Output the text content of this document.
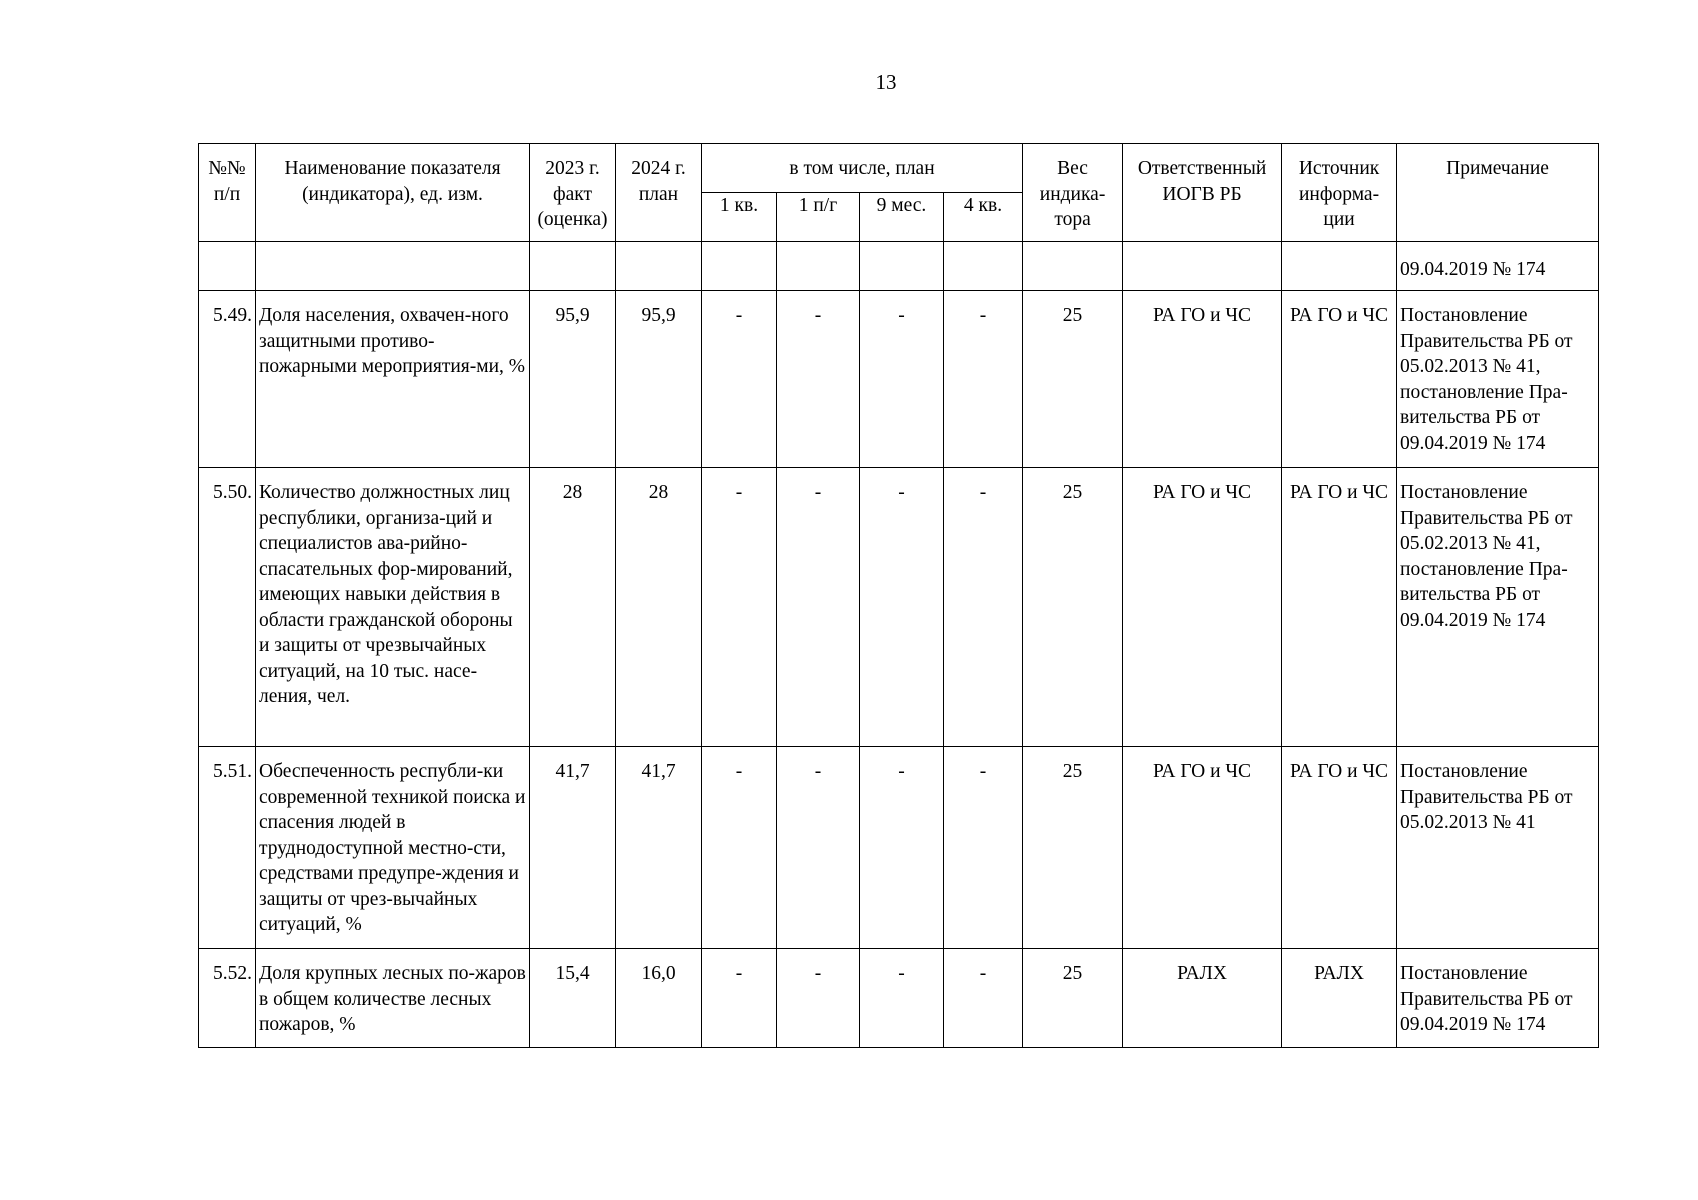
13
№№ п/п	Наименование показателя (индикатора), ед. изм.	2023 г. факт (оценка)	2024 г. план	в том числе, план				Вес индика-тора	Ответственный ИОГВ РБ	Источник информа-ции	Примечание
				1 кв.	1 п/г	9 мес.	4 кв.				
											09.04.2019 № 174
5.49.	Доля населения, охвачен-ного защитными противо-пожарными мероприятия-ми, %	95,9	95,9	-	-	-	-	25	РА ГО и ЧС	РА ГО и ЧС	Постановление Правительства РБ от 05.02.2013 № 41, постановление Пра-вительства РБ от 09.04.2019 № 174
5.50.	Количество должностных лиц республики, организа-ций и специалистов ава-рийно-спасательных фор-мирований, имеющих навыки действия в области гражданской обороны и защиты от чрезвычайных ситуаций, на 10 тыс. насе-ления, чел.	28	28	-	-	-	-	25	РА ГО и ЧС	РА ГО и ЧС	Постановление Правительства РБ от 05.02.2013 № 41, постановление Пра-вительства РБ от 09.04.2019 № 174
5.51.	Обеспеченность республи-ки современной техникой поиска и спасения людей в труднодоступной местно-сти, средствами предупре-ждения и защиты от чрез-вычайных ситуаций, %	41,7	41,7	-	-	-	-	25	РА ГО и ЧС	РА ГО и ЧС	Постановление Правительства РБ от 05.02.2013 № 41
5.52.	Доля крупных лесных по-жаров в общем количестве лесных пожаров, %	15,4	16,0	-	-	-	-	25	РАЛХ	РАЛХ	Постановление Правительства РБ от 09.04.2019 № 174
